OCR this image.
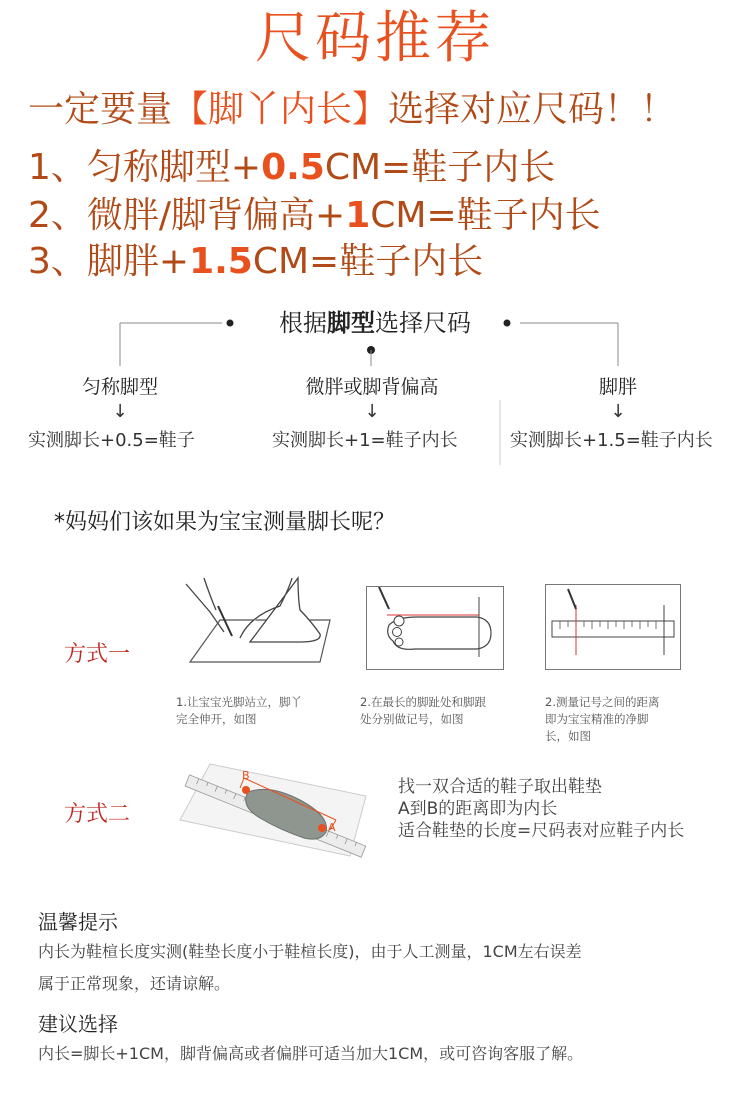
尺码推荐
一定要量【脚丫内长】选择对应尺码！！
1、匀称脚型+0.5CM=鞋子内长
2、微胖/脚背偏高+1CM=鞋子内长
3、脚胖+1.5CM=鞋子内长
根据脚型选择尺码
匀称脚型
↓
实测脚长+0.5=鞋子
微胖或脚背偏高
↓
实测脚长+1=鞋子内长
脚胖
↓
实测脚长+1.5=鞋子内长
*妈妈们该如果为宝宝测量脚长呢？
方式一
1.让宝宝光脚站立，脚丫
完全伸开，如图
2.在最长的脚趾处和脚跟
处分别做记号，如图
2.测量记号之间的距离
即为宝宝精准的净脚
长，如图
方式二
B
A
找一双合适的鞋子取出鞋垫
A到B的距离即为内长
适合鞋垫的长度=尺码表对应鞋子内长
温馨提示
内长为鞋楦长度实测(鞋垫长度小于鞋楦长度)，由于人工测量，1CM左右误差
属于正常现象，还请谅解。
建议选择
内长=脚长+1CM，脚背偏高或者偏胖可适当加大1CM，或可咨询客服了解。
